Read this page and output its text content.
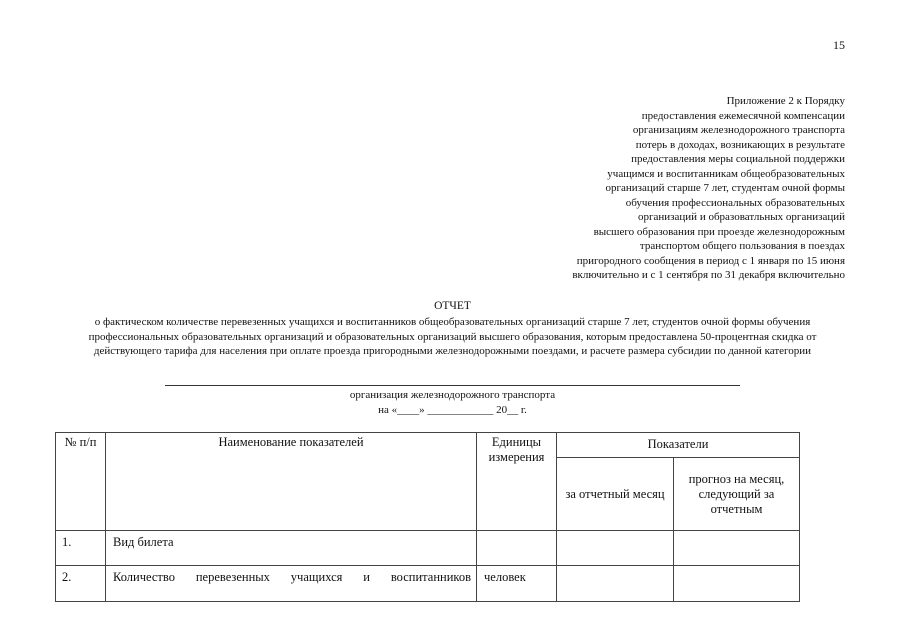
15
Приложение 2 к Порядку
предоставления ежемесячной компенсации
организациям железнодорожного транспорта
потерь в доходах, возникающих в результате
предоставления меры социальной поддержки
учащимся и воспитанникам общеобразовательных
организаций старше 7 лет, студентам очной формы
обучения профессиональных образовательных
организаций и образоватльных организаций
высшего образования при проезде железнодорожным
транспортом общего пользования в поездах
пригородного сообщения в период с 1 января по 15 июня
включительно и с 1 сентября по 31 декабря включительно
ОТЧЕТ
о фактическом количестве перевезенных учащихся и воспитанников общеобразовательных организаций старше 7 лет, студентов очной формы обучения профессиональных образовательных организаций и образовательных организаций высшего образования, которым предоставлена 50-процентная скидка от действующего тарифа для населения при оплате проезда пригородными железнодорожными поездами, и расчете размера субсидии по данной категории
организация железнодорожного транспорта
на «____» ____________ 20__ г.
№ п/п	Наименование показателей	Единицы измерения	Показатели	
			за отчетный месяц	прогноз на месяц, следующий за отчетным
1.	Вид билета			
2.	Количество перевезенных учащихся и воспитанников	человек		
